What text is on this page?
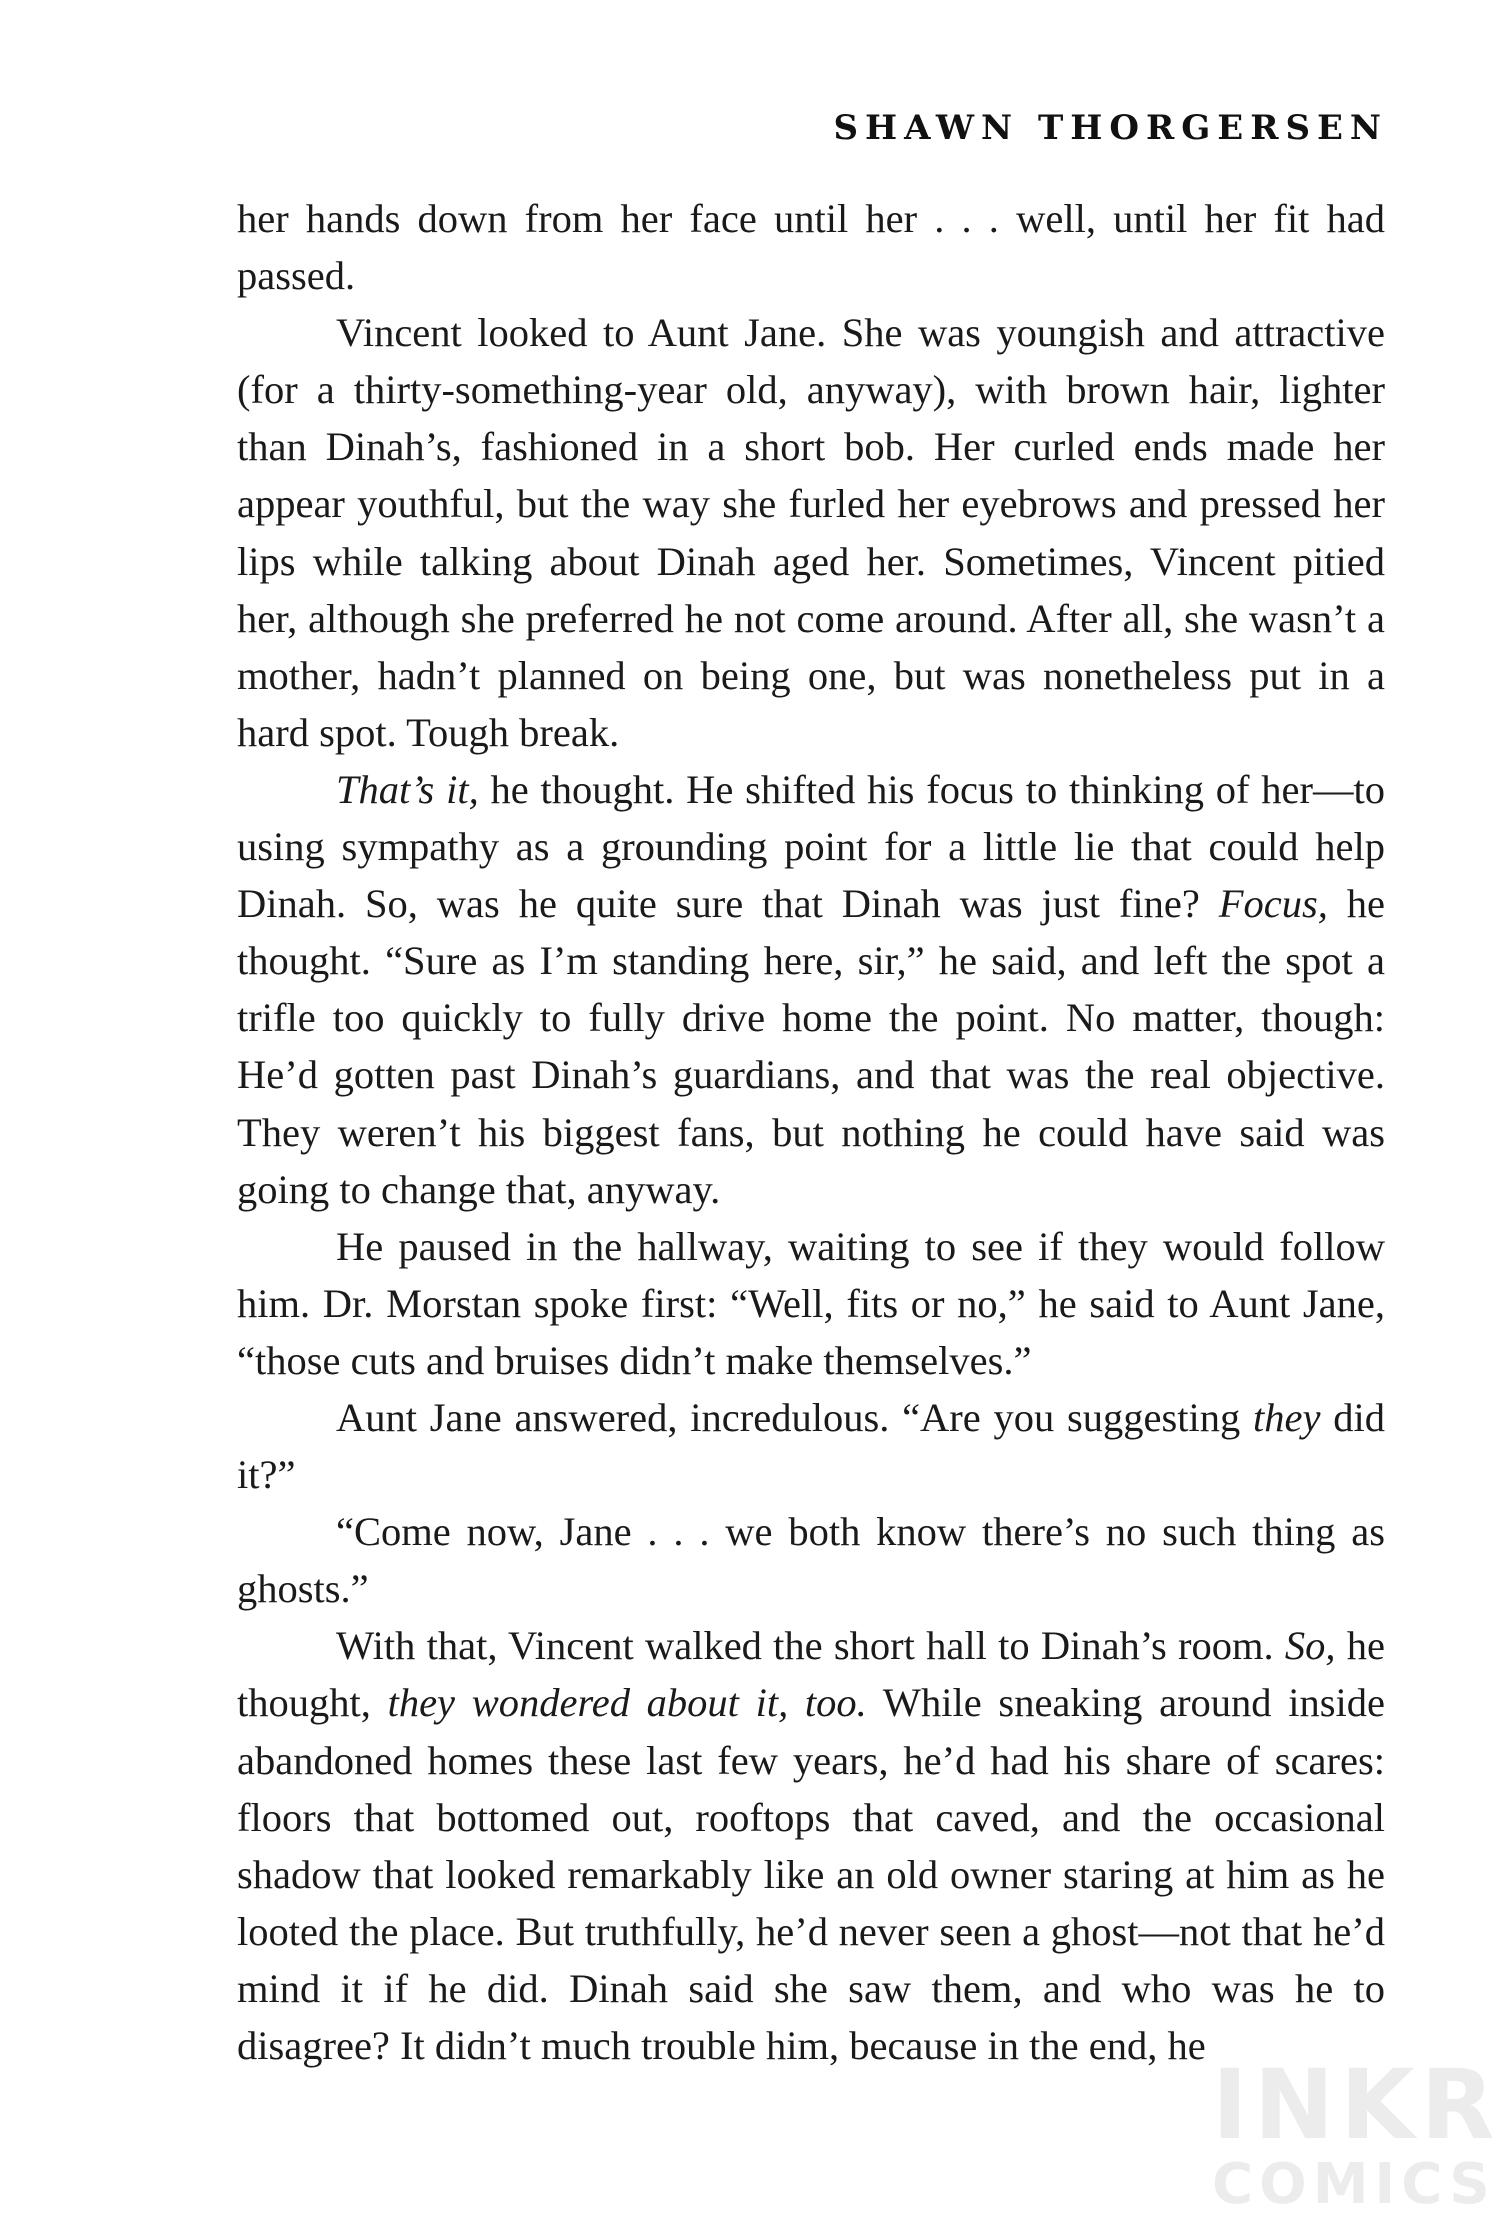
SHAWN THORGERSEN

her hands down from her face until her . . . well, until her fit had passed.

Vincent looked to Aunt Jane. She was youngish and attractive (for a thirty-something-year old, anyway), with brown hair, lighter than Dinah’s, fashioned in a short bob. Her curled ends made her appear youthful, but the way she furled her eyebrows and pressed her lips while talking about Dinah aged her. Sometimes, Vincent pitied her, although she preferred he not come around. After all, she wasn’t a mother, hadn’t planned on being one, but was nonetheless put in a hard spot. Tough break.

That’s it, he thought. He shifted his focus to thinking of her—to using sympathy as a grounding point for a little lie that could help Dinah. So, was he quite sure that Dinah was just fine? Focus, he thought. “Sure as I’m standing here, sir,” he said, and left the spot a trifle too quickly to fully drive home the point. No matter, though: He’d gotten past Dinah’s guardians, and that was the real objective. They weren’t his biggest fans, but nothing he could have said was going to change that, anyway.

He paused in the hallway, waiting to see if they would follow him. Dr. Morstan spoke first: “Well, fits or no,” he said to Aunt Jane, “those cuts and bruises didn’t make themselves.”

Aunt Jane answered, incredulous. “Are you suggesting they did it?”

“Come now, Jane . . . we both know there’s no such thing as ghosts.”

With that, Vincent walked the short hall to Dinah’s room. So, he thought, they wondered about it, too. While sneaking around inside abandoned homes these last few years, he’d had his share of scares: floors that bottomed out, rooftops that caved, and the occasional shadow that looked remarkably like an old owner staring at him as he looted the place. But truthfully, he’d never seen a ghost—not that he’d mind it if he did. Dinah said she saw them, and who was he to disagree? It didn’t much trouble him, because in the end, he

INKR
COMICS
